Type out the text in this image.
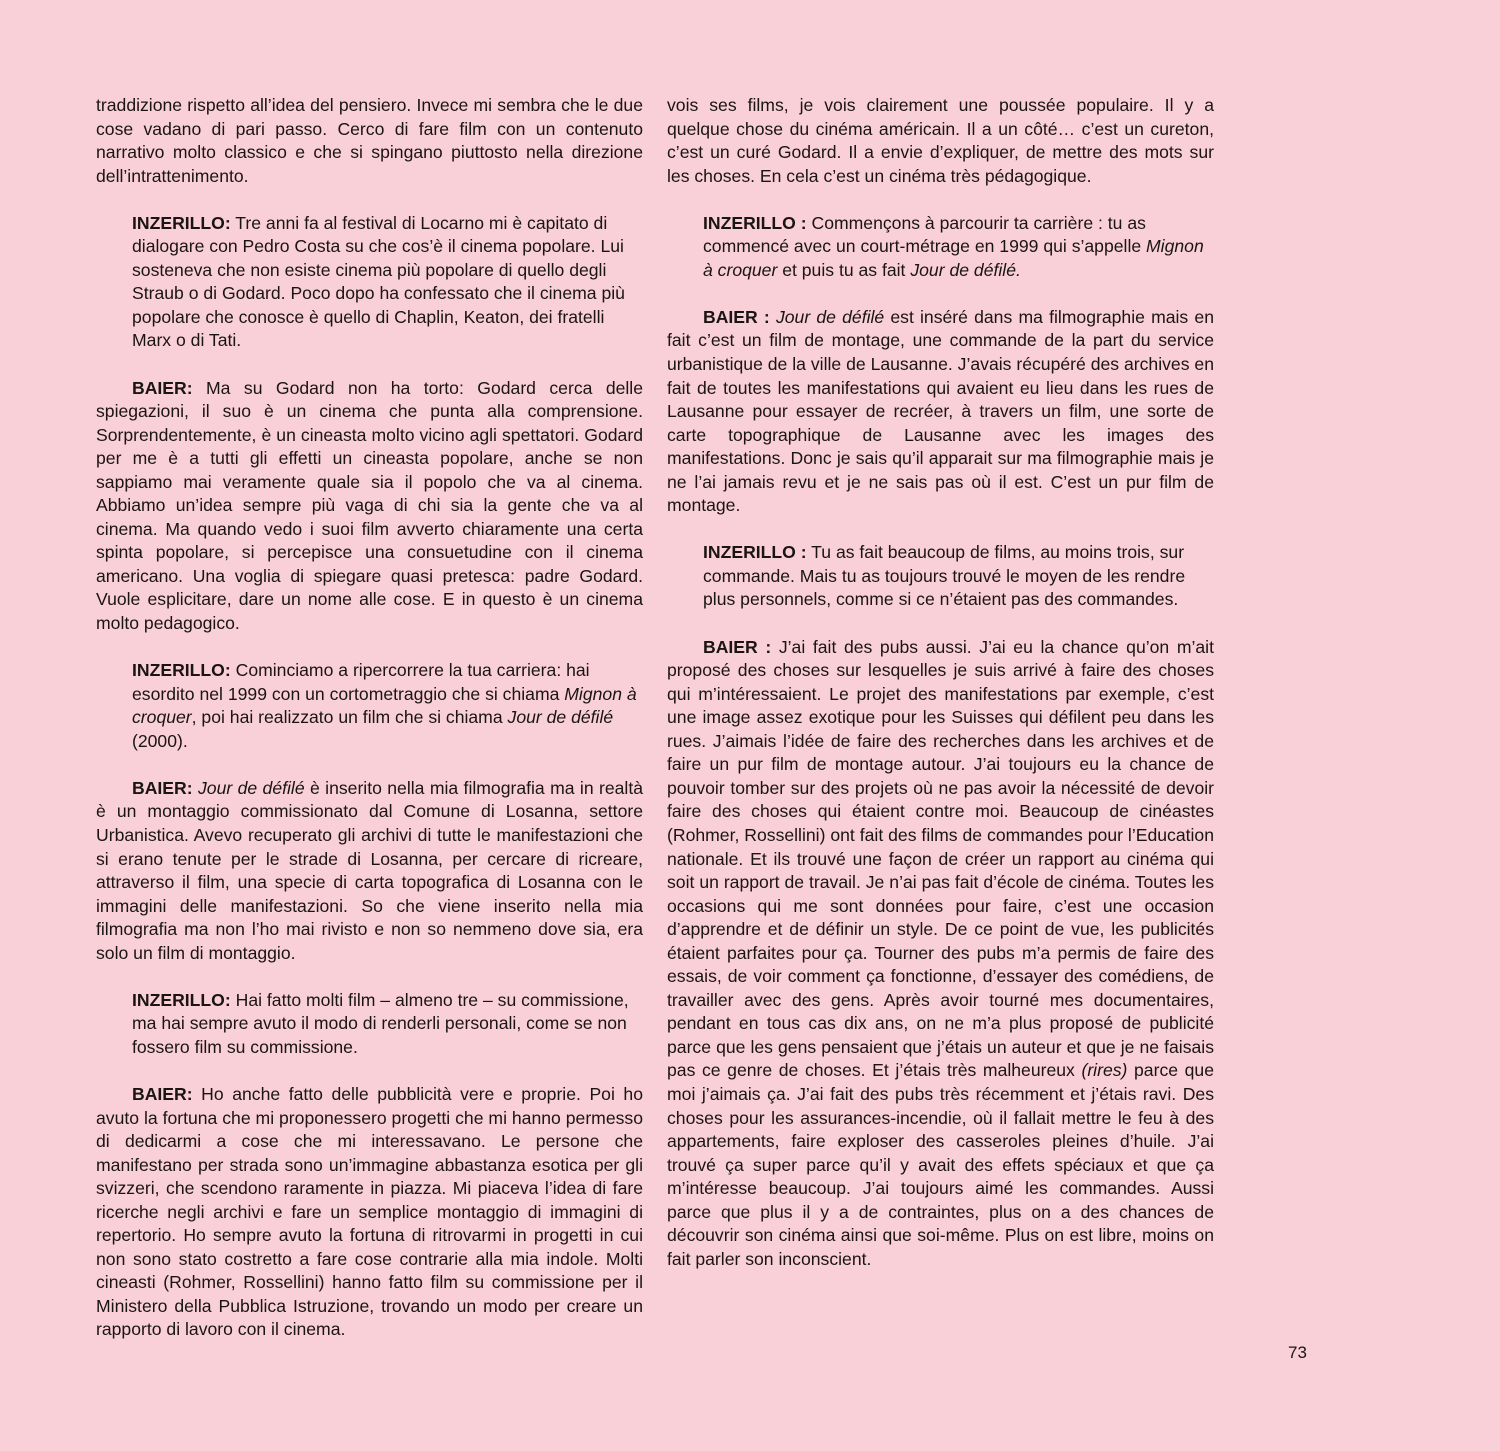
traddizione rispetto all’idea del pensiero. Invece mi sembra che le due cose vadano di pari passo. Cerco di fare film con un contenuto narrativo molto classico e che si spingano piuttosto nella direzione dell’intrattenimento.

INZERILLO: Tre anni fa al festival di Locarno mi è capitato di dialogare con Pedro Costa su che cos’è il cinema popolare. Lui sosteneva che non esiste cinema più popolare di quello degli Straub o di Godard. Poco dopo ha confessato che il cinema più popolare che conosce è quello di Chaplin, Keaton, dei fratelli Marx o di Tati.

BAIER: Ma su Godard non ha torto: Godard cerca delle spiegazioni, il suo è un cinema che punta alla comprensione. Sorprendentemente, è un cineasta molto vicino agli spettatori. Godard per me è a tutti gli effetti un cineasta popolare, anche se non sappiamo mai veramente quale sia il popolo che va al cinema. Abbiamo un’idea sempre più vaga di chi sia la gente che va al cinema. Ma quando vedo i suoi film avverto chiaramente una certa spinta popolare, si percepisce una consuetudine con il cinema americano. Una voglia di spiegare quasi pretesca: padre Godard. Vuole esplicitare, dare un nome alle cose. E in questo è un cinema molto pedagogico.

INZERILLO: Cominciamo a ripercorrere la tua carriera: hai esordito nel 1999 con un cortometraggio che si chiama Mignon à croquer, poi hai realizzato un film che si chiama Jour de défilé (2000).

BAIER: Jour de défilé è inserito nella mia filmografia ma in realtà è un montaggio commissionato dal Comune di Losanna, settore Urbanistica. Avevo recuperato gli archivi di tutte le manifestazioni che si erano tenute per le strade di Losanna, per cercare di ricreare, attraverso il film, una specie di carta topografica di Losanna con le immagini delle manifestazioni. So che viene inserito nella mia filmografia ma non l’ho mai rivisto e non so nemmeno dove sia, era solo un film di montaggio.

INZERILLO: Hai fatto molti film – almeno tre – su commissione, ma hai sempre avuto il modo di renderli personali, come se non fossero film su commissione.

BAIER: Ho anche fatto delle pubblicità vere e proprie. Poi ho avuto la fortuna che mi proponessero progetti che mi hanno permesso di dedicarmi a cose che mi interessavano. Le persone che manifestano per strada sono un’immagine abbastanza esotica per gli svizzeri, che scendono raramente in piazza. Mi piaceva l’idea di fare ricerche negli archivi e fare un semplice montaggio di immagini di repertorio. Ho sempre avuto la fortuna di ritrovarmi in progetti in cui non sono stato costretto a fare cose contrarie alla mia indole. Molti cineasti (Rohmer, Rossellini) hanno fatto film su commissione per il Ministero della Pubblica Istruzione, trovando un modo per creare un rapporto di lavoro con il cinema.

vois ses films, je vois clairement une poussée populaire. Il y a quelque chose du cinéma américain. Il a un côté… c’est un cureton, c’est un curé Godard. Il a envie d’expliquer, de mettre des mots sur les choses. En cela c’est un cinéma très pédagogique.

INZERILLO : Commençons à parcourir ta carrière : tu as commencé avec un court-métrage en 1999 qui s’appelle Mignon à croquer et puis tu as fait Jour de défilé.

BAIER : Jour de défilé est inséré dans ma filmographie mais en fait c’est un film de montage, une commande de la part du service urbanistique de la ville de Lausanne. J’avais récupéré des archives en fait de toutes les manifestations qui avaient eu lieu dans les rues de Lausanne pour essayer de recréer, à travers un film, une sorte de carte topographique de Lausanne avec les images des manifestations. Donc je sais qu’il apparait sur ma filmographie mais je ne l’ai jamais revu et je ne sais pas où il est. C’est un pur film de montage.

INZERILLO : Tu as fait beaucoup de films, au moins trois, sur commande. Mais tu as toujours trouvé le moyen de les rendre plus personnels, comme si ce n’étaient pas des commandes.

BAIER : J’ai fait des pubs aussi. J’ai eu la chance qu’on m’ait proposé des choses sur lesquelles je suis arrivé à faire des choses qui m’intéressaient. Le projet des manifestations par exemple, c’est une image assez exotique pour les Suisses qui défilent peu dans les rues. J’aimais l’idée de faire des recherches dans les archives et de faire un pur film de montage autour. J’ai toujours eu la chance de pouvoir tomber sur des projets où ne pas avoir la nécessité de devoir faire des choses qui étaient contre moi. Beaucoup de cinéastes (Rohmer, Rossellini) ont fait des films de commandes pour l’Education nationale. Et ils trouvé une façon de créer un rapport au cinéma qui soit un rapport de travail. Je n’ai pas fait d’école de cinéma. Toutes les occasions qui me sont données pour faire, c’est une occasion d’apprendre et de définir un style. De ce point de vue, les publicités étaient parfaites pour ça. Tourner des pubs m’a permis de faire des essais, de voir comment ça fonctionne, d’essayer des comédiens, de travailler avec des gens. Après avoir tourné mes documentaires, pendant en tous cas dix ans, on ne m’a plus proposé de publicité parce que les gens pensaient que j’étais un auteur et que je ne faisais pas ce genre de choses. Et j’étais très malheureux (rires) parce que moi j’aimais ça. J’ai fait des pubs très récemment et j’étais ravi. Des choses pour les assurances-incendie, où il fallait mettre le feu à des appartements, faire exploser des casseroles pleines d’huile. J’ai trouvé ça super parce qu’il y avait des effets spéciaux et que ça m’intéresse beaucoup. J’ai toujours aimé les commandes. Aussi parce que plus il y a de contraintes, plus on a des chances de découvrir son cinéma ainsi que soi-même. Plus on est libre, moins on fait parler son inconscient.

73
